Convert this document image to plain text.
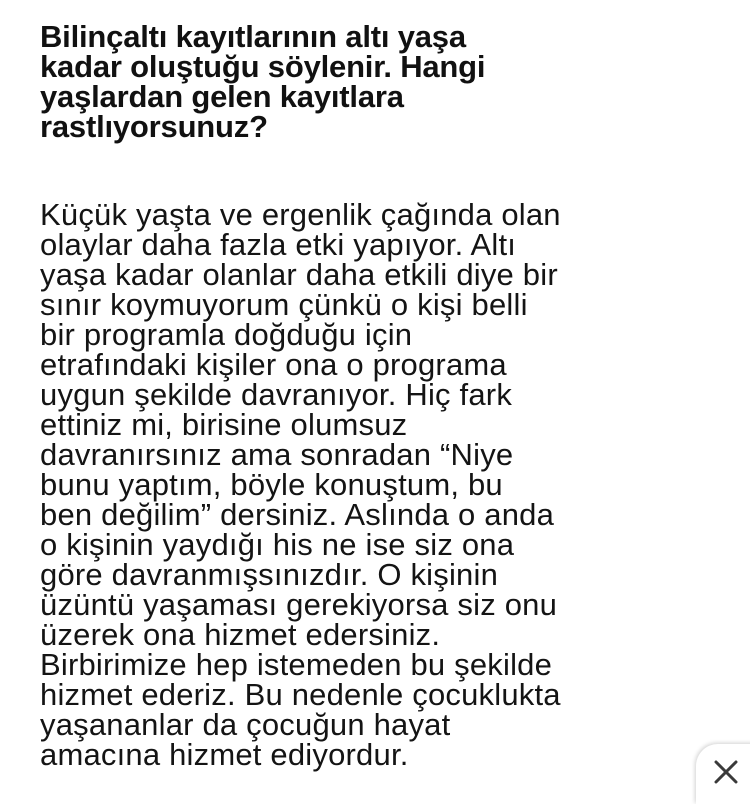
Bilinçaltı kayıtlarının altı yaşa
kadar oluştuğu söylenir. Hangi
yaşlardan gelen kayıtlara
rastlıyorsunuz?

Küçük yaşta ve ergenlik çağında olan
olaylar daha fazla etki yapıyor. Altı
yaşa kadar olanlar daha etkili diye bir
sınır koymuyorum çünkü o kişi belli
bir programla doğduğu için
etrafındaki kişiler ona o programa
uygun şekilde davranıyor. Hiç fark
ettiniz mi, birisine olumsuz
davranırsınız ama sonradan “Niye
bunu yaptım, böyle konuştum, bu
ben değilim” dersiniz. Aslında o anda
o kişinin yaydığı his ne ise siz ona
göre davranmışsınızdır. O kişinin
üzüntü yaşaması gerekiyorsa siz onu
üzerek ona hizmet edersiniz.
Birbirimize hep istemeden bu şekilde
hizmet ederiz. Bu nedenle çocuklukta
yaşananlar da çocuğun hayat
amacına hizmet ediyordur.
